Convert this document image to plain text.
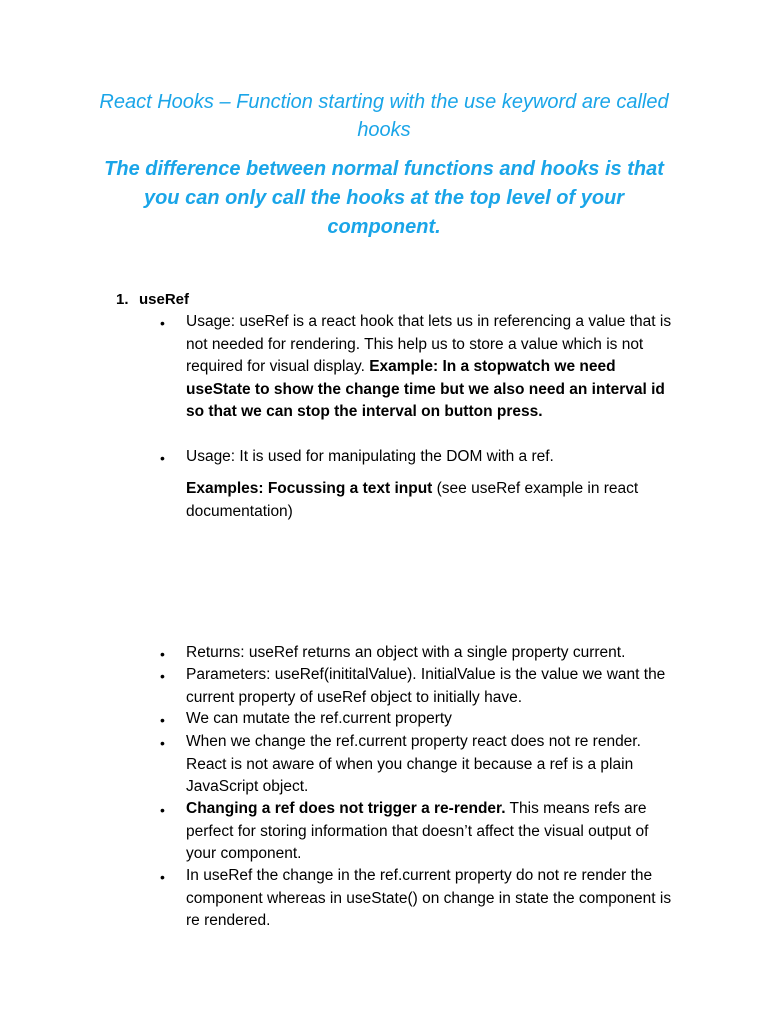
React Hooks – Function starting with the use keyword are called hooks

The difference between normal functions and hooks is that you can only call the hooks at the top level of your component.

1. useRef
• Usage: useRef is a react hook that lets us in referencing a value that is not needed for rendering. This help us to store a value which is not required for visual display. Example: In a stopwatch we need useState to show the change time but we also need an interval id so that we can stop the interval on button press.
• Usage: It is used for manipulating the DOM with a ref.
Examples: Focussing a text input (see useRef example in react documentation)
• Returns: useRef returns an object with a single property current.
• Parameters: useRef(inititalValue). InitialValue is the value we want the current property of useRef object to initially have.
• We can mutate the ref.current property
• When we change the ref.current property react does not re render. React is not aware of when you change it because a ref is a plain JavaScript object.
• Changing a ref does not trigger a re-render. This means refs are perfect for storing information that doesn’t affect the visual output of your component.
• In useRef the change in the ref.current property do not re render the component whereas in useState() on change in state the component is re rendered.
